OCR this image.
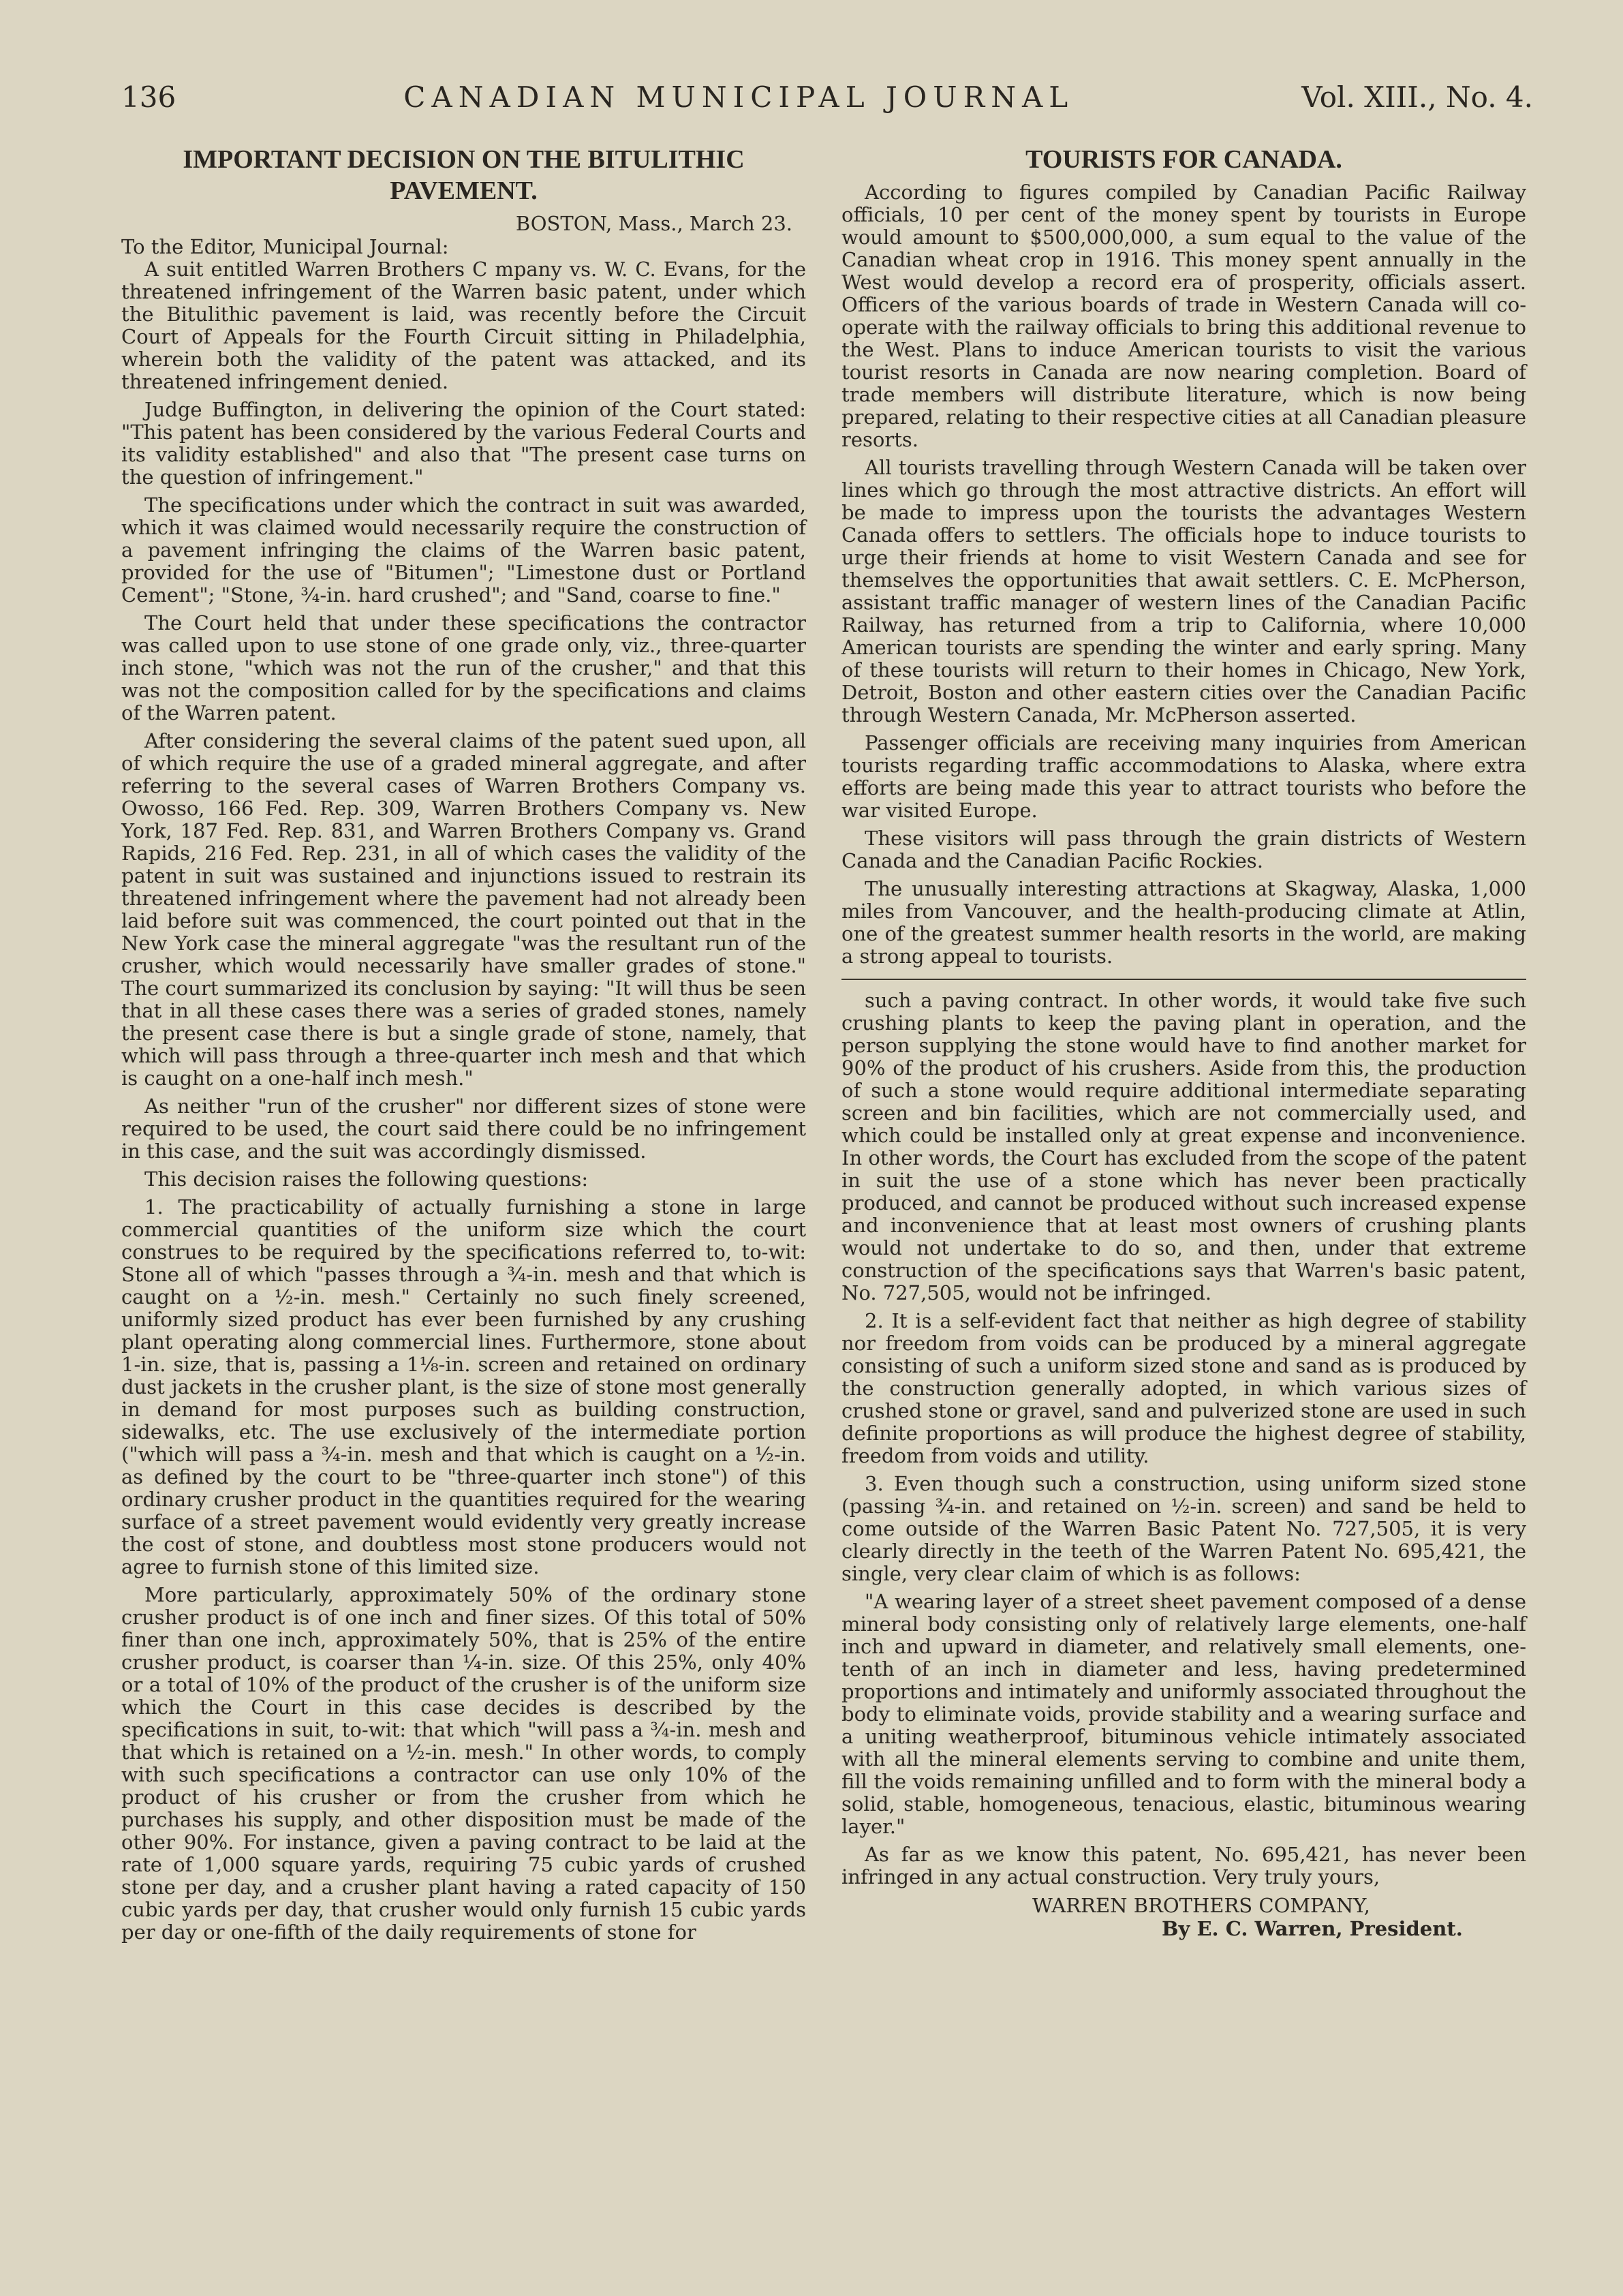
136	CANADIAN MUNICIPAL JOURNAL	Vol. XIII., No. 4.
IMPORTANT DECISION ON THE BITULITHIC PAVEMENT.
BOSTON, Mass., March 23.
To the Editor, Municipal Journal:

A suit entitled Warren Brothers C mpany vs. W. C. Evans, for the threatened infringement of the Warren basic patent, under which the Bitulithic pavement is laid, was recently before the Circuit Court of Appeals for the Fourth Circuit sitting in Philadelphia, wherein both the validity of the patent was attacked, and its threatened infringement denied.

Judge Buffington, in delivering the opinion of the Court stated: "This patent has been considered by the various Federal Courts and its validity established" and also that "The present case turns on the question of infringement."

The specifications under which the contract in suit was awarded, which it was claimed would necessarily require the construction of a pavement infringing the claims of the Warren basic patent, provided for the use of "Bitumen"; "Limestone dust or Portland Cement"; "Stone, ¾-in. hard crushed"; and "Sand, coarse to fine."

The Court held that under these specifications the contractor was called upon to use stone of one grade only, viz., three-quarter inch stone, "which was not the run of the crusher," and that this was not the composition called for by the specifications and claims of the Warren patent.

After considering the several claims of the patent sued upon, all of which require the use of a graded mineral aggregate, and after referring to the several cases of Warren Brothers Company vs. Owosso, 166 Fed. Rep. 309, Warren Brothers Company vs. New York, 187 Fed. Rep. 831, and Warren Brothers Company vs. Grand Rapids, 216 Fed. Rep. 231, in all of which cases the validity of the patent in suit was sustained and injunctions issued to restrain its threatened infringement where the pavement had not already been laid before suit was commenced, the court pointed out that in the New York case the mineral aggregate "was the resultant run of the crusher, which would necessarily have smaller grades of stone." The court summarized its conclusion by saying: "It will thus be seen that in all these cases there was a series of graded stones, namely the present case there is but a single grade of stone, namely, that which will pass through a three-quarter inch mesh and that which is caught on a one-half inch mesh."

As neither "run of the crusher" nor different sizes of stone were required to be used, the court said there could be no infringement in this case, and the suit was accordingly dismissed.

This decision raises the following questions:

1. The practicability of actually furnishing a stone in large commercial quantities of the uniform size which the court construes to be required by the specifications referred to, to-wit: Stone all of which "passes through a ¾-in. mesh and that which is caught on a ½-in. mesh." Certainly no such finely screened, uniformly sized product has ever been furnished by any crushing plant operating along commercial lines. Furthermore, stone about 1-in. size, that is, passing a 1⅛-in. screen and retained on ordinary dust jackets in the crusher plant, is the size of stone most generally in demand for most purposes such as building construction, sidewalks, etc. The use exclusively of the intermediate portion ("which will pass a ¾-in. mesh and that which is caught on a ½-in. as defined by the court to be "three-quarter inch stone") of this ordinary crusher product in the quantities required for the wearing surface of a street pavement would evidently very greatly increase the cost of stone, and doubtless most stone producers would not agree to furnish stone of this limited size.

More particularly, approximately 50% of the ordinary stone crusher product is of one inch and finer sizes. Of this total of 50% finer than one inch, approximately 50%, that is 25% of the entire crusher product, is coarser than ¼-in. size. Of this 25%, only 40% or a total of 10% of the product of the crusher is of the uniform size which the Court in this case decides is described by the specifications in suit, to-wit: that which "will pass a ¾-in. mesh and that which is retained on a ½-in. mesh." In other words, to comply with such specifications a contractor can use only 10% of the product of his crusher or from the crusher from which he purchases his supply, and other disposition must be made of the other 90%. For instance, given a paving contract to be laid at the rate of 1,000 square yards, requiring 75 cubic yards of crushed stone per day, and a crusher plant having a rated capacity of 150 cubic yards per day, that crusher would only furnish 15 cubic yards per day or one-fifth of the daily requirements of stone for

TOURISTS FOR CANADA.

According to figures compiled by Canadian Pacific Railway officials, 10 per cent of the money spent by tourists in Europe would amount to $500,000,000, a sum equal to the value of the Canadian wheat crop in 1916. This money spent annually in the West would develop a record era of prosperity, officials assert. Officers of the various boards of trade in Western Canada will co-operate with the railway officials to bring this additional revenue to the West. Plans to induce American tourists to visit the various tourist resorts in Canada are now nearing completion. Board of trade members will distribute literature, which is now being prepared, relating to their respective cities at all Canadian pleasure resorts.

All tourists travelling through Western Canada will be taken over lines which go through the most attractive districts. An effort will be made to impress upon the tourists the advantages Western Canada offers to settlers. The officials hope to induce tourists to urge their friends at home to visit Western Canada and see for themselves the opportunities that await settlers. C. E. McPherson, assistant traffic manager of western lines of the Canadian Pacific Railway, has returned from a trip to California, where 10,000 American tourists are spending the winter and early spring. Many of these tourists will return to their homes in Chicago, New York, Detroit, Boston and other eastern cities over the Canadian Pacific through Western Canada, Mr. McPherson asserted.

Passenger officials are receiving many inquiries from American tourists regarding traffic accommodations to Alaska, where extra efforts are being made this year to attract tourists who before the war visited Europe.

These visitors will pass through the grain districts of Western Canada and the Canadian Pacific Rockies.

The unusually interesting attractions at Skagway, Alaska, 1,000 miles from Vancouver, and the health-producing climate at Atlin, one of the greatest summer health resorts in the world, are making a strong appeal to tourists.

such a paving contract. In other words, it would take five such crushing plants to keep the paving plant in operation, and the person supplying the stone would have to find another market for 90% of the product of his crushers. Aside from this, the production of such a stone would require additional intermediate separating screen and bin facilities, which are not commercially used, and which could be installed only at great expense and inconvenience. In other words, the Court has excluded from the scope of the patent in suit the use of a stone which has never been practically produced, and cannot be produced without such increased expense and inconvenience that at least most owners of crushing plants would not undertake to do so, and then, under that extreme construction of the specifications says that Warren's basic patent, No. 727,505, would not be infringed.

2. It is a self-evident fact that neither as high degree of stability nor freedom from voids can be produced by a mineral aggregate consisting of such a uniform sized stone and sand as is produced by the construction generally adopted, in which various sizes of crushed stone or gravel, sand and pulverized stone are used in such definite proportions as will produce the highest degree of stability, freedom from voids and utility.

3. Even though such a construction, using uniform sized stone (passing ¾-in. and retained on ½-in. screen) and sand be held to come outside of the Warren Basic Patent No. 727,505, it is very clearly directly in the teeth of the Warren Patent No. 695,421, the single, very clear claim of which is as follows:

"A wearing layer of a street sheet pavement composed of a dense mineral body consisting only of relatively large elements, one-half inch and upward in diameter, and relatively small elements, one-tenth of an inch in diameter and less, having predetermined proportions and intimately and uniformly associated throughout the body to eliminate voids, provide stability and a wearing surface and a uniting weatherproof, bituminous vehicle intimately associated with all the mineral elements serving to combine and unite them, fill the voids remaining unfilled and to form with the mineral body a solid, stable, homogeneous, tenacious, elastic, bituminous wearing layer."

As far as we know this patent, No. 695,421, has never been infringed in any actual construction. Very truly yours,

WARREN BROTHERS COMPANY,
By E. C. Warren, President.
